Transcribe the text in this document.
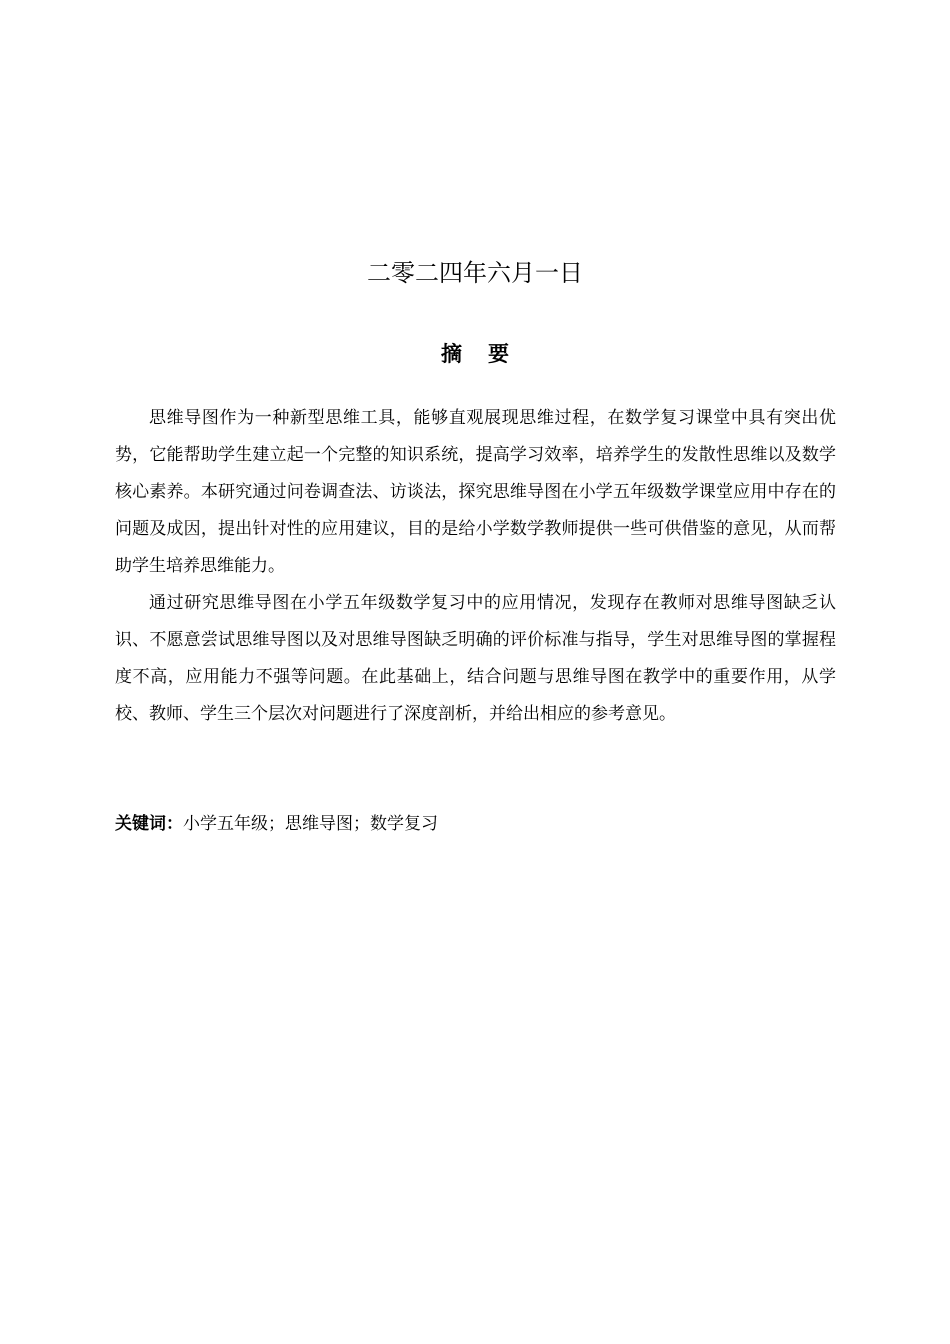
二零二四年六月一日
摘 要

思维导图作为一种新型思维工具，能够直观展现思维过程，在数学复习课堂中具有突出优势，它能帮助学生建立起一个完整的知识系统，提高学习效率，培养学生的发散性思维以及数学核心素养。本研究通过问卷调查法、访谈法，探究思维导图在小学五年级数学课堂应用中存在的问题及成因，提出针对性的应用建议，目的是给小学数学教师提供一些可供借鉴的意见，从而帮助学生培养思维能力。

通过研究思维导图在小学五年级数学复习中的应用情况，发现存在教师对思维导图缺乏认识、不愿意尝试思维导图以及对思维导图缺乏明确的评价标准与指导，学生对思维导图的掌握程度不高，应用能力不强等问题。在此基础上，结合问题与思维导图在教学中的重要作用，从学校、教师、学生三个层次对问题进行了深度剖析，并给出相应的参考意见。

关键词：小学五年级；思维导图；数学复习
